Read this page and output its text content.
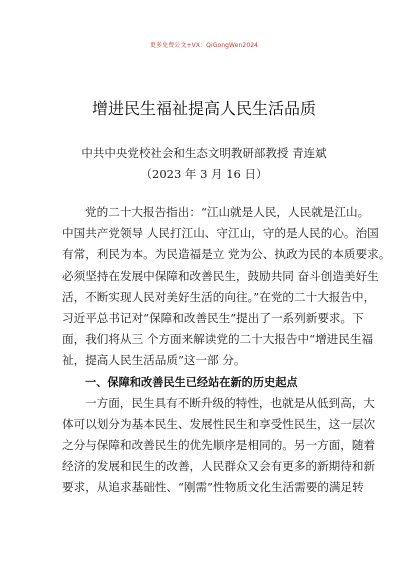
更多免费公文+VX：QiGongWen2024
增进民生福祉提高人民生活品质
中共中央党校社会和生态文明教研部教授 青连斌
（2023 年 3 月 16 日）
党的二十大报告指出：“江山就是人民，人民就是江山。
中国共产党领导 人民打江山、守江山，守的是人民的心。治国
有常，利民为本。为民造福是立 党为公、执政为民的本质要求。
必须坚持在发展中保障和改善民生，鼓励共同 奋斗创造美好生
活，不断实现人民对美好生活的向往。”在党的二十大报告中，
习近平总书记对“保障和改善民生”提出了一系列新要求。下
面，我们将从三 个方面来解读党的二十大报告中“增进民生福
祉，提高人民生活品质”这一部 分。
一、保障和改善民生已经站在新的历史起点
一方面，民生具有不断升级的特性，也就是从低到高，大
体可以划分为基本民生、发展性民生和享受性民生，这一层次
之分与保障和改善民生的优先顺序是相同的。另一方面，随着
经济的发展和民生的改善，人民群众又会有更多的新期待和新
要求，从追求基础性、“刚需”性物质文化生活需要的满足转
